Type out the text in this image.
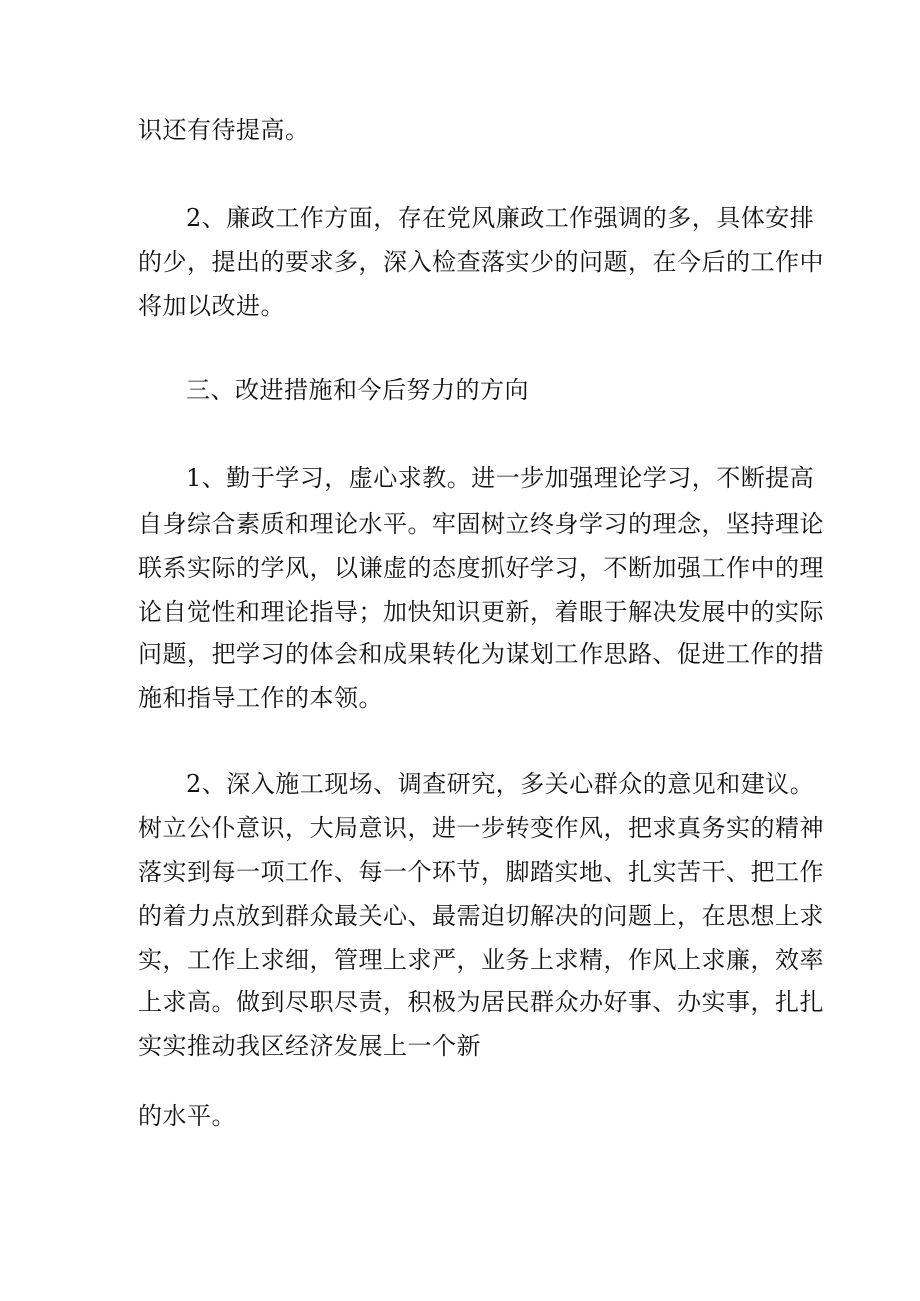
识还有待提高。

2、廉政工作方面，存在党风廉政工作强调的多，具体安排

的少，提出的要求多，深入检查落实少的问题，在今后的工作中

将加以改进。

三、改进措施和今后努力的方向

1、勤于学习，虚心求教。进一步加强理论学习，不断提高

自身综合素质和理论水平。牢固树立终身学习的理念，坚持理论

联系实际的学风，以谦虚的态度抓好学习，不断加强工作中的理

论自觉性和理论指导；加快知识更新，着眼于解决发展中的实际

问题，把学习的体会和成果转化为谋划工作思路、促进工作的措

施和指导工作的本领。

2、深入施工现场、调查研究，多关心群众的意见和建议。

树立公仆意识，大局意识，进一步转变作风，把求真务实的精神

落实到每一项工作、每一个环节，脚踏实地、扎实苦干、把工作

的着力点放到群众最关心、最需迫切解决的问题上，在思想上求

实，工作上求细，管理上求严，业务上求精，作风上求廉，效率

上求高。做到尽职尽责，积极为居民群众办好事、办实事，扎扎

实实推动我区经济发展上一个新

的水平。
